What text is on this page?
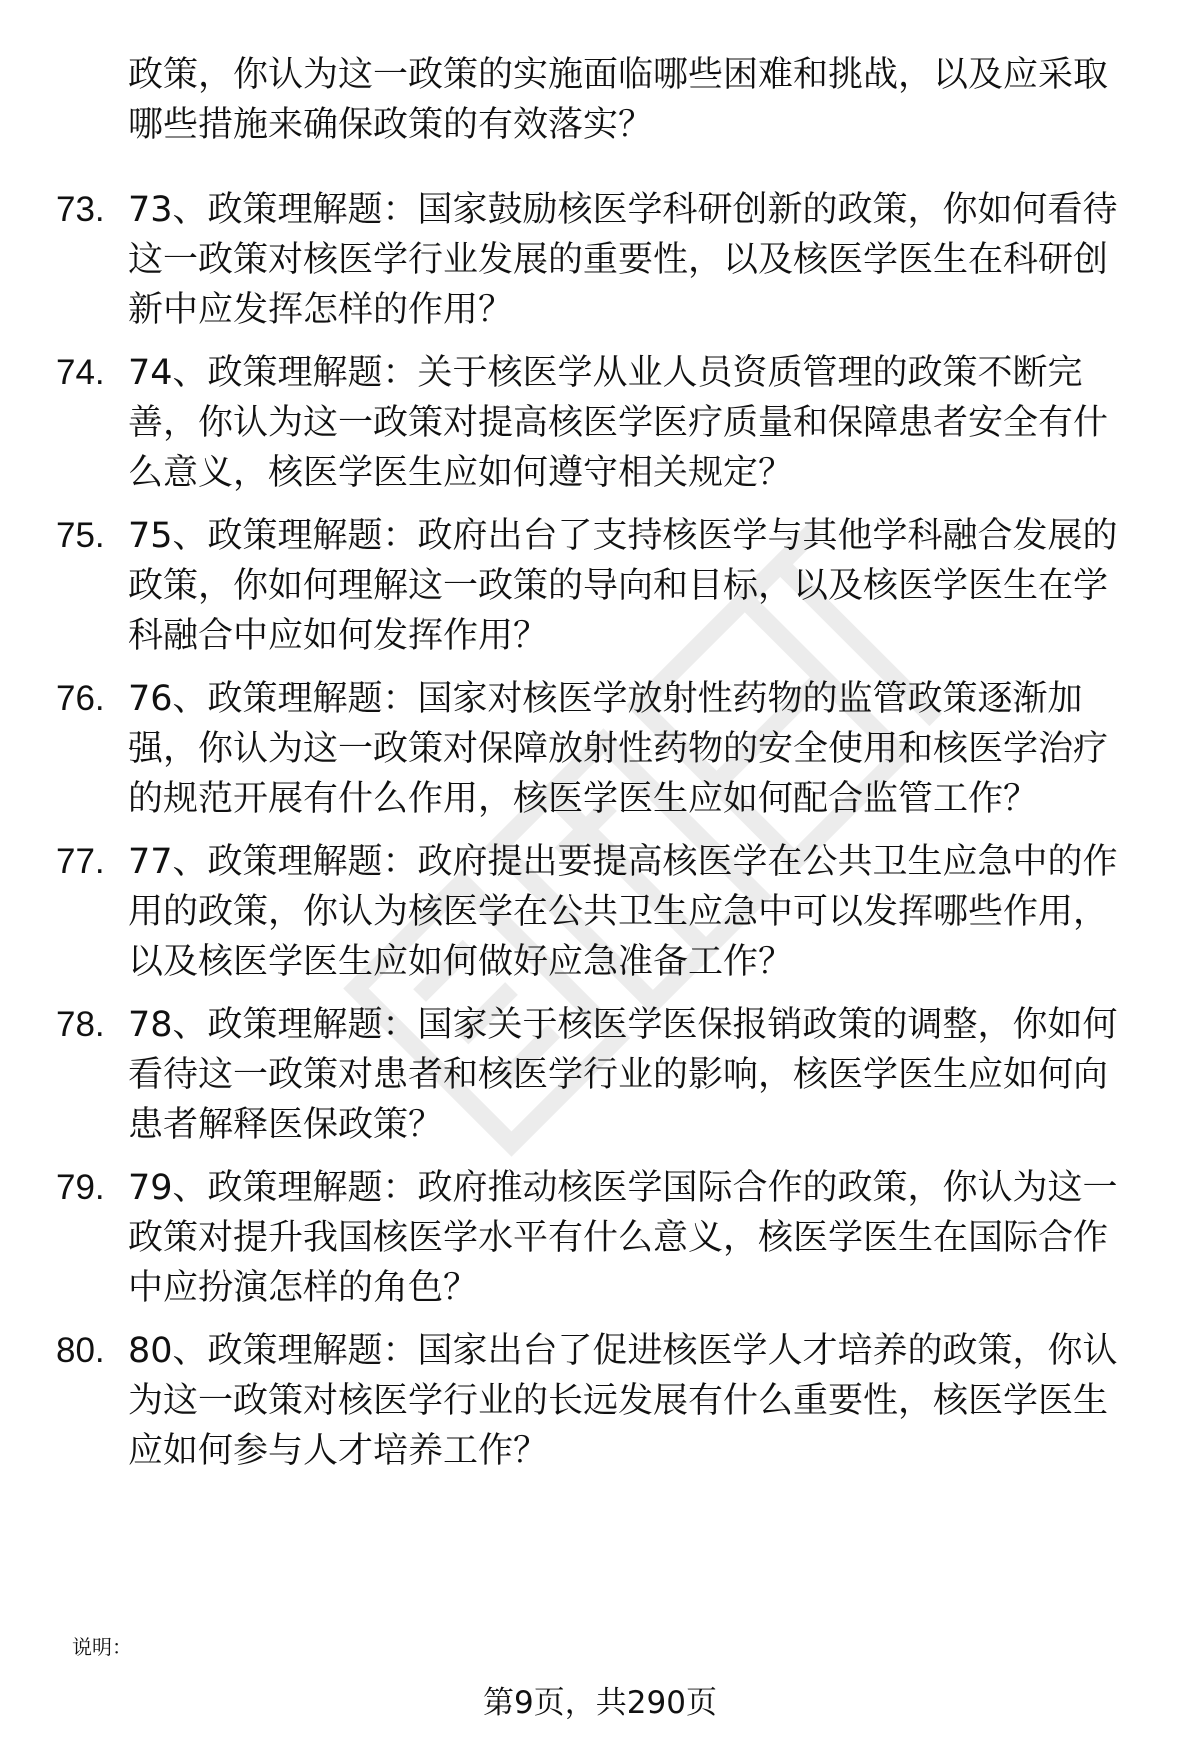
政策，你认为这一政策的实施面临哪些困难和挑战，以及应采取哪些措施来确保政策的有效落实？

73. 73、政策理解题：国家鼓励核医学科研创新的政策，你如何看待这一政策对核医学行业发展的重要性，以及核医学医生在科研创新中应发挥怎样的作用？

74. 74、政策理解题：关于核医学从业人员资质管理的政策不断完善，你认为这一政策对提高核医学医疗质量和保障患者安全有什么意义，核医学医生应如何遵守相关规定？

75. 75、政策理解题：政府出台了支持核医学与其他学科融合发展的政策，你如何理解这一政策的导向和目标，以及核医学医生在学科融合中应如何发挥作用？

76. 76、政策理解题：国家对核医学放射性药物的监管政策逐渐加强，你认为这一政策对保障放射性药物的安全使用和核医学治疗的规范开展有什么作用，核医学医生应如何配合监管工作？

77. 77、政策理解题：政府提出要提高核医学在公共卫生应急中的作用的政策，你认为核医学在公共卫生应急中可以发挥哪些作用，以及核医学医生应如何做好应急准备工作？

78. 78、政策理解题：国家关于核医学医保报销政策的调整，你如何看待这一政策对患者和核医学行业的影响，核医学医生应如何向患者解释医保政策？

79. 79、政策理解题：政府推动核医学国际合作的政策，你认为这一政策对提升我国核医学水平有什么意义，核医学医生在国际合作中应扮演怎样的角色？

80. 80、政策理解题：国家出台了促进核医学人才培养的政策，你认为这一政策对核医学行业的长远发展有什么重要性，核医学医生应如何参与人才培养工作？

说明：
第9页，共290页
